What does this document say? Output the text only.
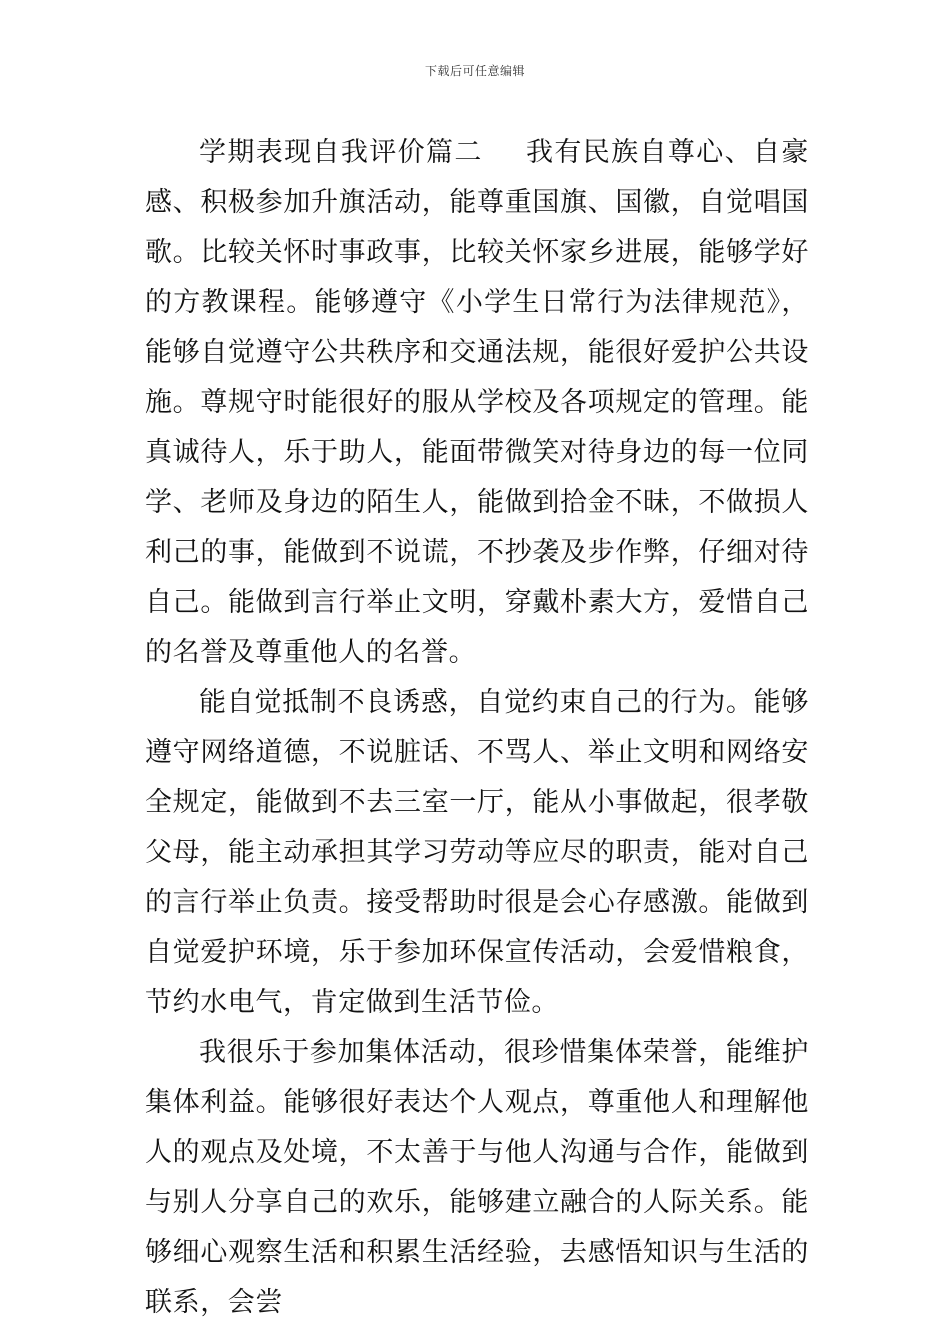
下载后可任意编辑

学期表现自我评价篇二 我有民族自尊心、自豪感、积极参加升旗活动，能尊重国旗、国徽，自觉唱国歌。比较关怀时事政事，比较关怀家乡进展，能够学好的方教课程。能够遵守《小学生日常行为法律规范》，能够自觉遵守公共秩序和交通法规，能很好爱护公共设施。尊规守时能很好的服从学校及各项规定的管理。能真诚待人，乐于助人，能面带微笑对待身边的每一位同学、老师及身边的陌生人，能做到拾金不昧，不做损人利己的事，能做到不说谎，不抄袭及步作弊，仔细对待自己。能做到言行举止文明，穿戴朴素大方，爱惜自己的名誉及尊重他人的名誉。

能自觉抵制不良诱惑，自觉约束自己的行为。能够遵守网络道德，不说脏话、不骂人、举止文明和网络安全规定，能做到不去三室一厅，能从小事做起，很孝敬父母，能主动承担其学习劳动等应尽的职责，能对自己的言行举止负责。接受帮助时很是会心存感激。能做到自觉爱护环境，乐于参加环保宣传活动，会爱惜粮食，节约水电气，肯定做到生活节俭。

我很乐于参加集体活动，很珍惜集体荣誉，能维护集体利益。能够很好表达个人观点，尊重他人和理解他人的观点及处境，不太善于与他人沟通与合作，能做到与别人分享自己的欢乐，能够建立融合的人际关系。能够细心观察生活和积累生活经验，去感悟知识与生活的联系，会尝
